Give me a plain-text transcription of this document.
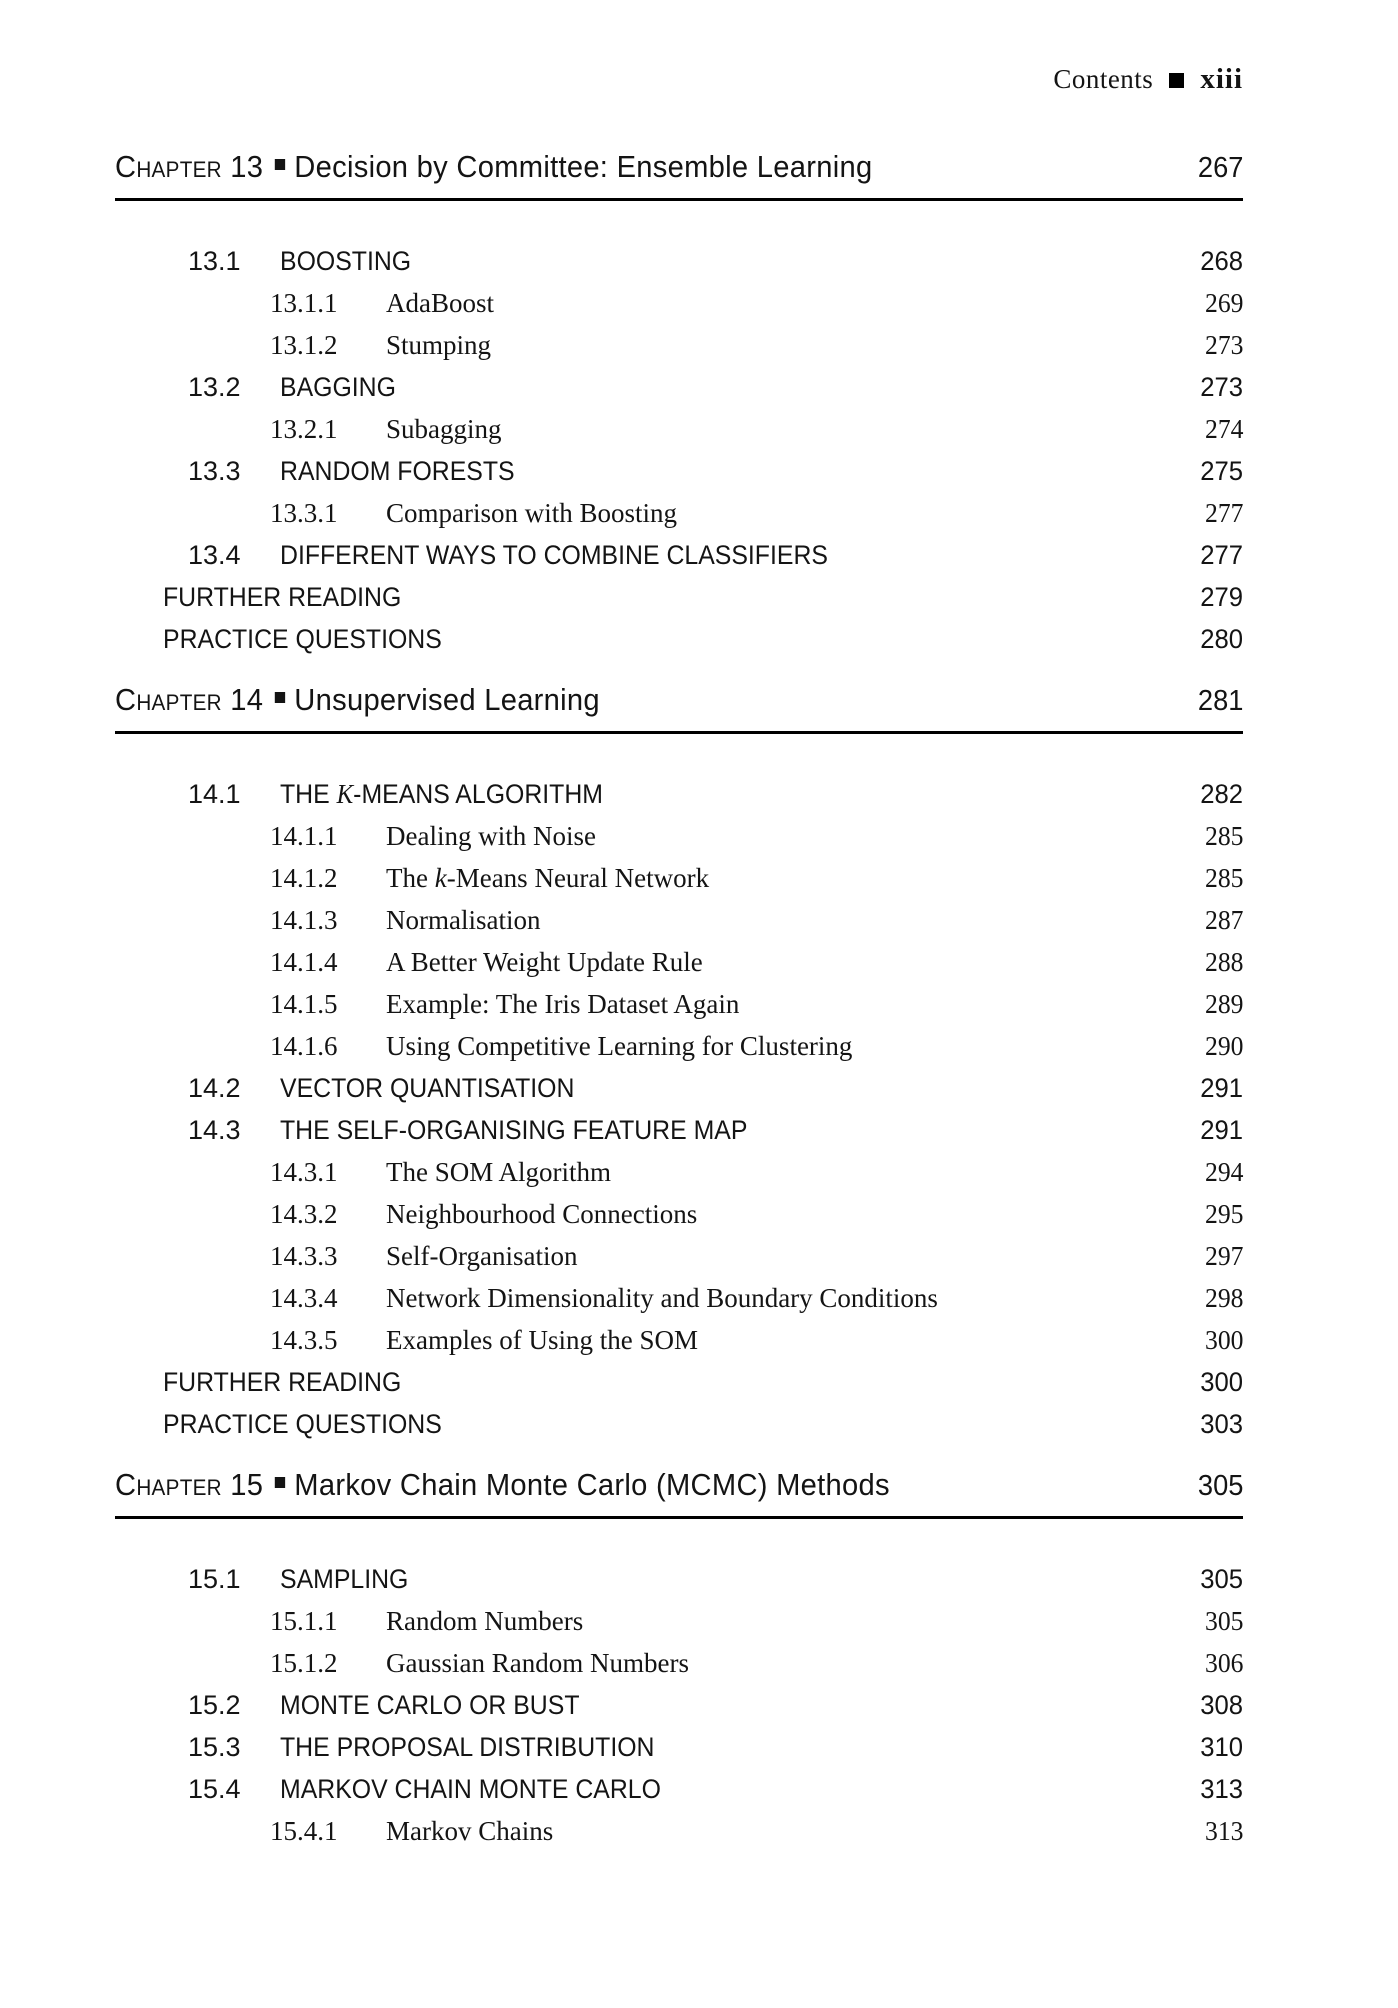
Contents xiii
Chapter 13 Decision by Committee: Ensemble Learning	267
13.1	BOOSTING	268
13.1.1	AdaBoost	269
13.1.2	Stumping	273
13.2	BAGGING	273
13.2.1	Subagging	274
13.3	RANDOM FORESTS	275
13.3.1	Comparison with Boosting	277
13.4	DIFFERENT WAYS TO COMBINE CLASSIFIERS	277
FURTHER READING	279
PRACTICE QUESTIONS	280
Chapter 14 Unsupervised Learning	281
14.1	THE K-MEANS ALGORITHM	282
14.1.1	Dealing with Noise	285
14.1.2	The k-Means Neural Network	285
14.1.3	Normalisation	287
14.1.4	A Better Weight Update Rule	288
14.1.5	Example: The Iris Dataset Again	289
14.1.6	Using Competitive Learning for Clustering	290
14.2	VECTOR QUANTISATION	291
14.3	THE SELF-ORGANISING FEATURE MAP	291
14.3.1	The SOM Algorithm	294
14.3.2	Neighbourhood Connections	295
14.3.3	Self-Organisation	297
14.3.4	Network Dimensionality and Boundary Conditions	298
14.3.5	Examples of Using the SOM	300
FURTHER READING	300
PRACTICE QUESTIONS	303
Chapter 15 Markov Chain Monte Carlo (MCMC) Methods	305
15.1	SAMPLING	305
15.1.1	Random Numbers	305
15.1.2	Gaussian Random Numbers	306
15.2	MONTE CARLO OR BUST	308
15.3	THE PROPOSAL DISTRIBUTION	310
15.4	MARKOV CHAIN MONTE CARLO	313
15.4.1	Markov Chains	313
